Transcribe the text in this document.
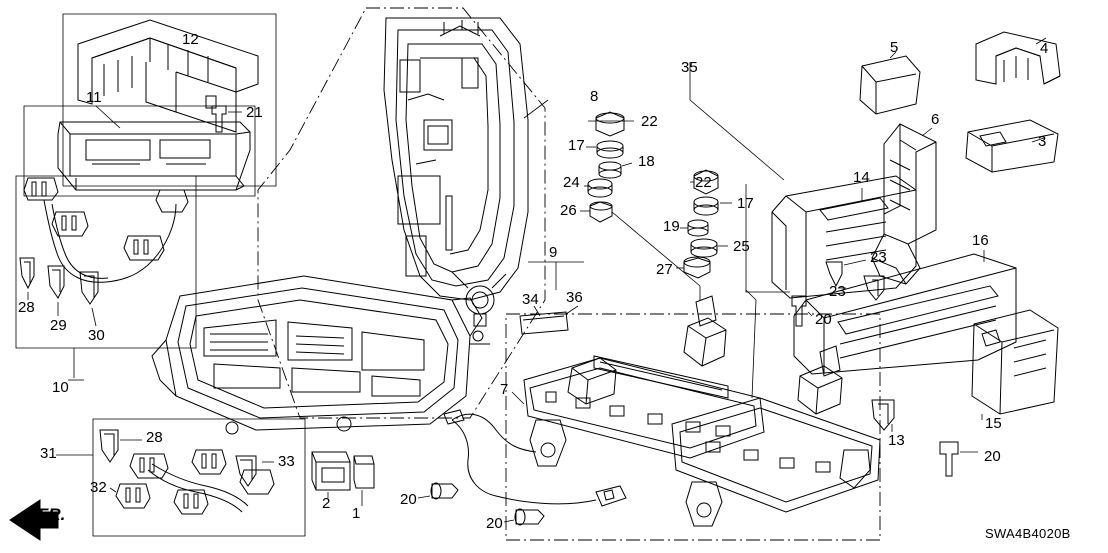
12	5	4
35
11	8
21
22	6
3
17
18
24	22	14
17
26
19
25	16
9
27
23
28	34 36	23
29
30
20
10
15
7
13
31
28
20
33
32
2
1
20
20
FR.
SWA4B4020B
